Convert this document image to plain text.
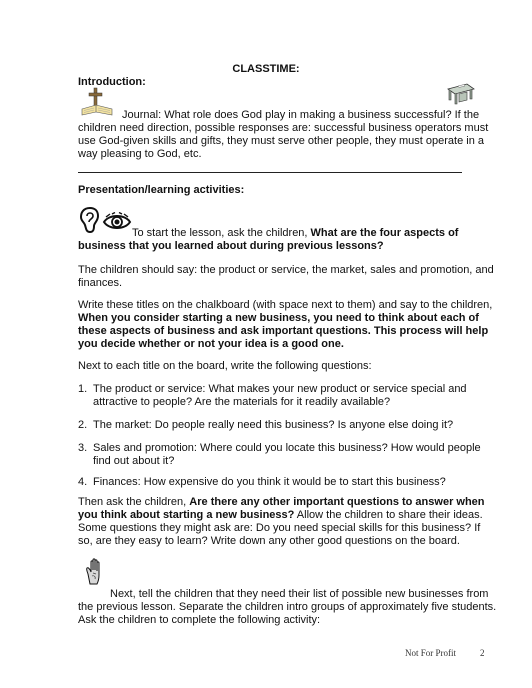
CLASSTIME:
Introduction:
Journal: What role does God play in making a business successful? If the children need direction, possible responses are: successful business operators must use God-given skills and gifts, they must serve other people, they must operate in a way pleasing to God, etc.
Presentation/learning activities:
To start the lesson, ask the children, What are the four aspects of business that you learned about during previous lessons?
The children should say: the product or service, the market, sales and promotion, and finances.
Write these titles on the chalkboard (with space next to them) and say to the children, When you consider starting a new business, you need to think about each of these aspects of business and ask important questions. This process will help you decide whether or not your idea is a good one.
Next to each title on the board, write the following questions:
1. The product or service: What makes your new product or service special and attractive to people? Are the materials for it readily available?
2. The market: Do people really need this business? Is anyone else doing it?
3. Sales and promotion: Where could you locate this business? How would people find out about it?
4. Finances: How expensive do you think it would be to start this business?
Then ask the children, Are there any other important questions to answer when you think about starting a new business? Allow the children to share their ideas. Some questions they might ask are: Do you need special skills for this business? If so, are they easy to learn? Write down any other good questions on the board.
Next, tell the children that they need their list of possible new businesses from the previous lesson. Separate the children intro groups of approximately five students. Ask the children to complete the following activity:
Not For Profit	2
